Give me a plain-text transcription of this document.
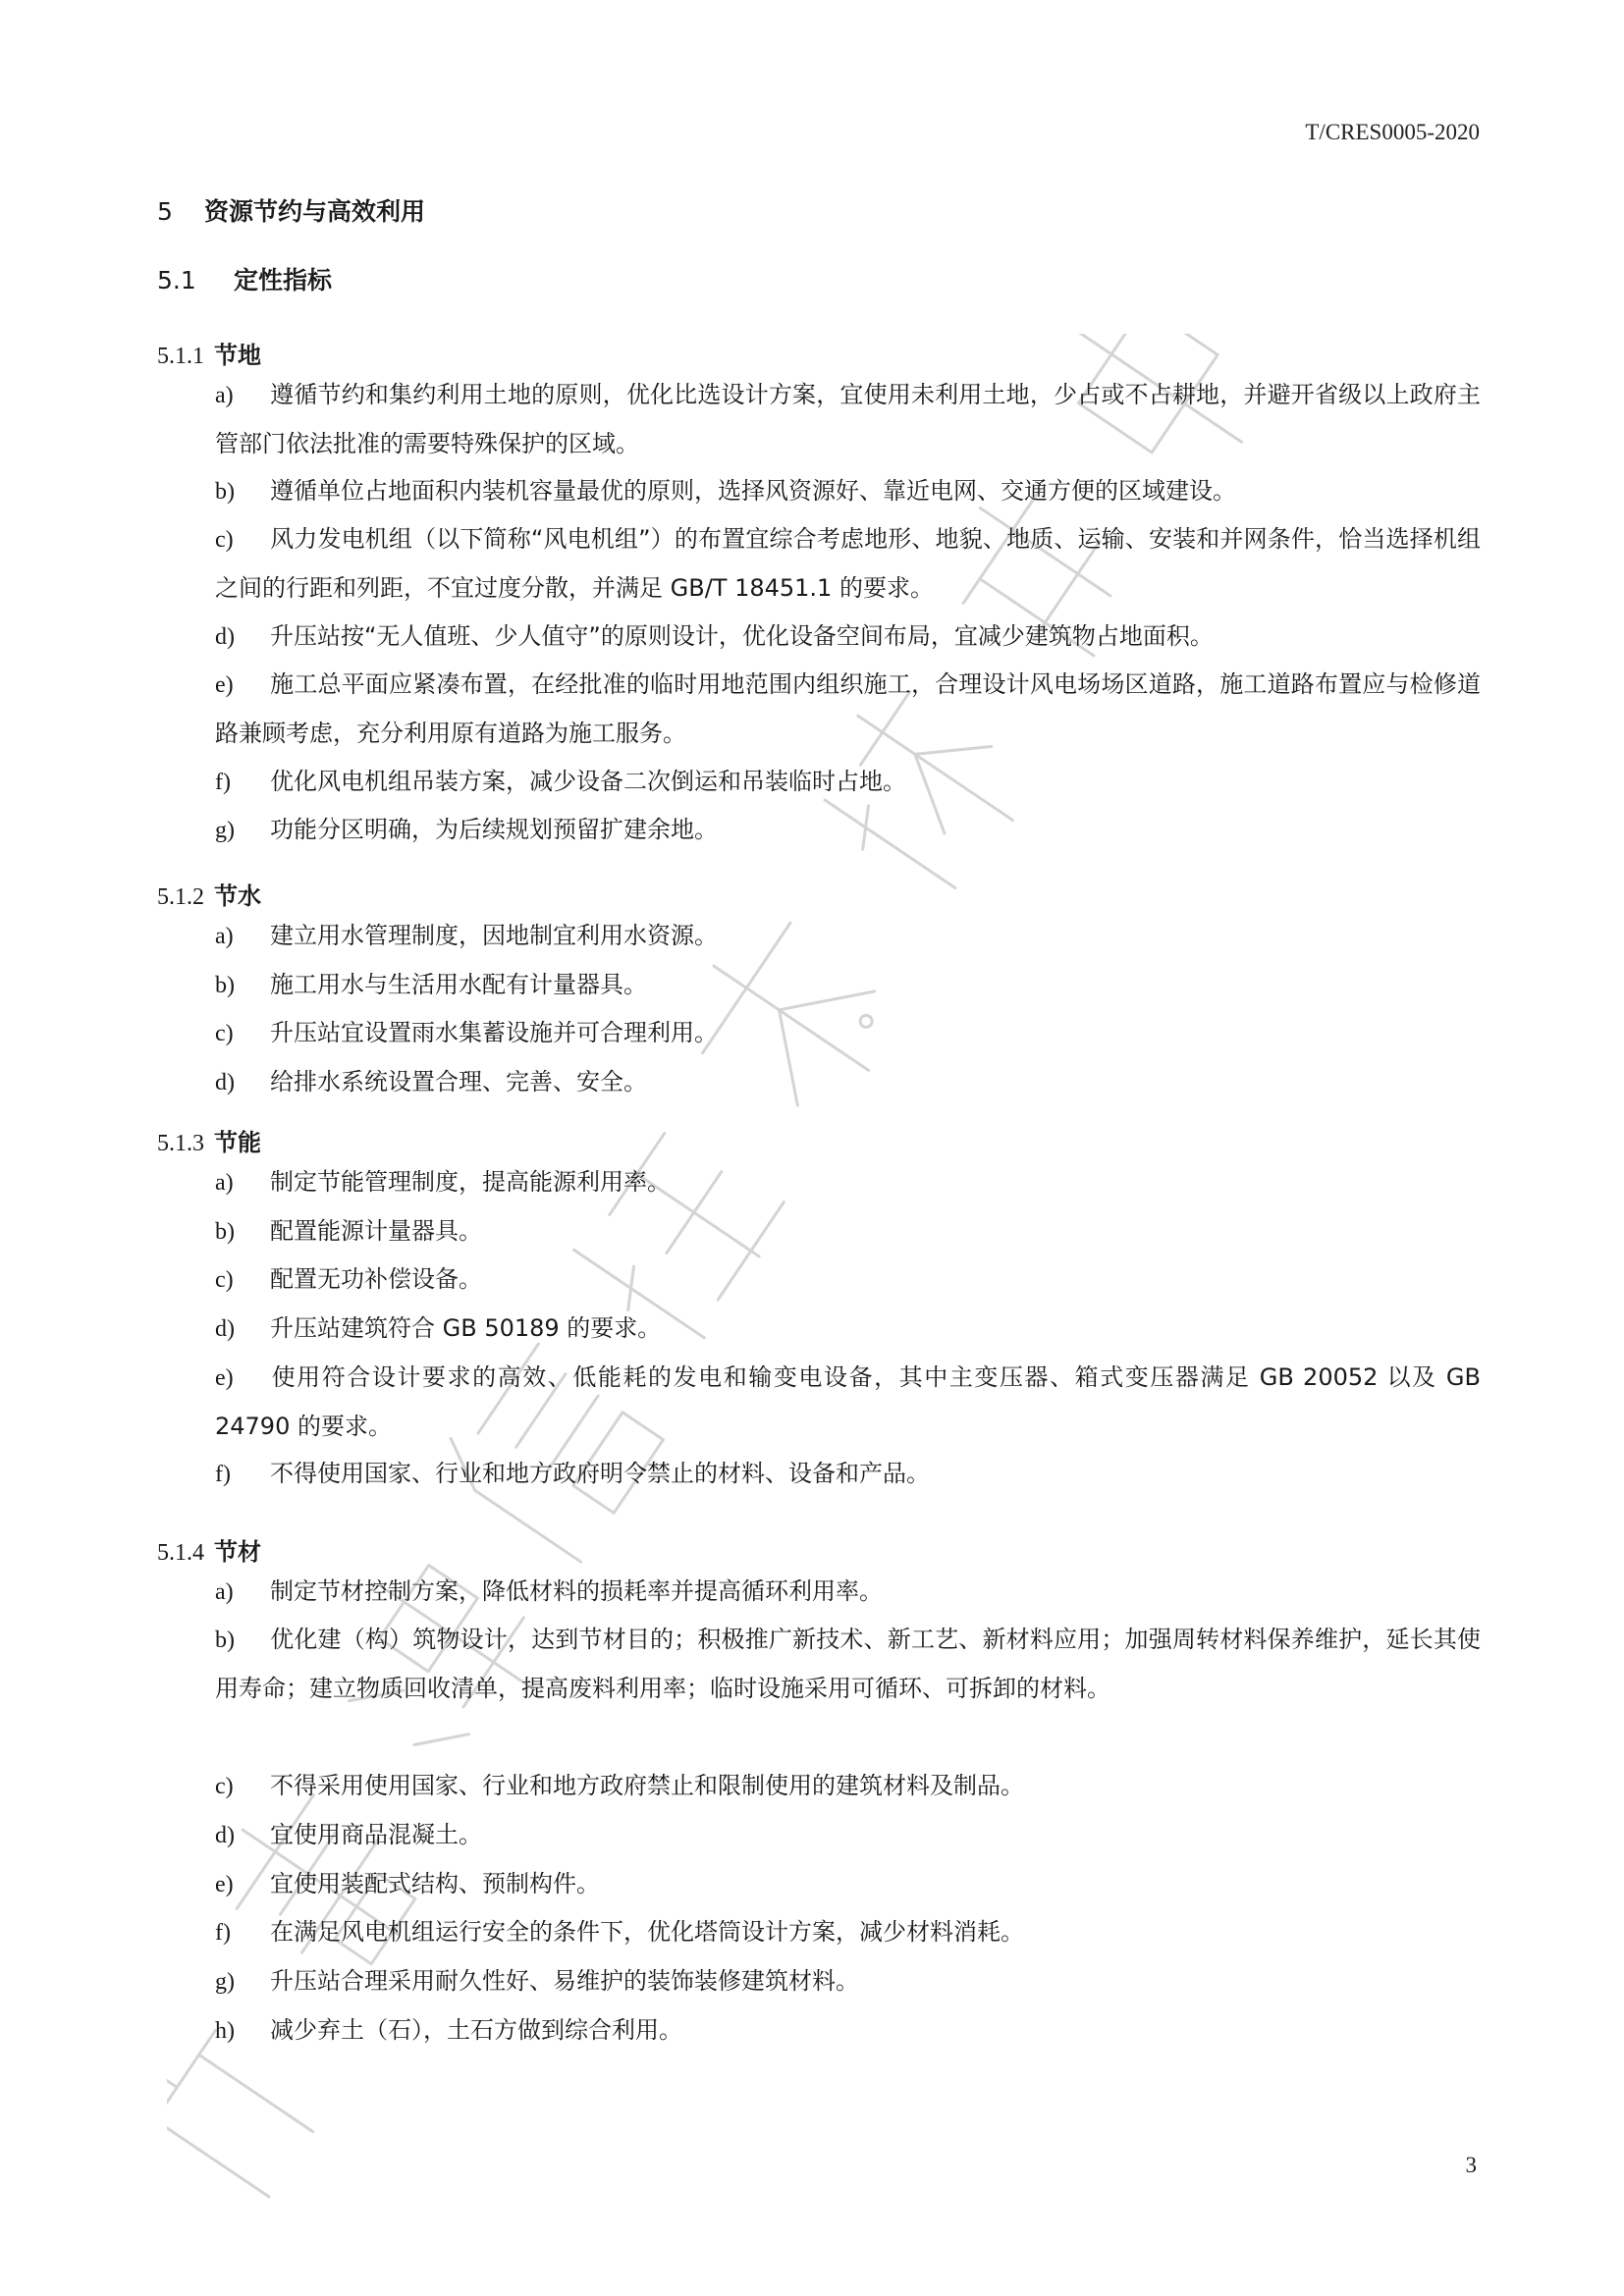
T/CRES0005-2020
5 资源节约与高效利用
5.1 定性指标
5.1.1 节地
a) 遵循节约和集约利用土地的原则，优化比选设计方案，宜使用未利用土地，少占或不占耕地，并避开省级以上政府主管部门依法批准的需要特殊保护的区域。
b) 遵循单位占地面积内装机容量最优的原则，选择风资源好、靠近电网、交通方便的区域建设。
c) 风力发电机组（以下简称“风电机组”）的布置宜综合考虑地形、地貌、地质、运输、安装和并网条件，恰当选择机组之间的行距和列距，不宜过度分散，并满足 GB/T 18451.1 的要求。
d) 升压站按“无人值班、少人值守”的原则设计，优化设备空间布局，宜减少建筑物占地面积。
e) 施工总平面应紧凑布置，在经批准的临时用地范围内组织施工，合理设计风电场场区道路，施工道路布置应与检修道路兼顾考虑，充分利用原有道路为施工服务。
f) 优化风电机组吊装方案，减少设备二次倒运和吊装临时占地。
g) 功能分区明确，为后续规划预留扩建余地。
5.1.2 节水
a) 建立用水管理制度，因地制宜利用水资源。
b) 施工用水与生活用水配有计量器具。
c) 升压站宜设置雨水集蓄设施并可合理利用。
d) 给排水系统设置合理、完善、安全。
5.1.3 节能
a) 制定节能管理制度，提高能源利用率。
b) 配置能源计量器具。
c) 配置无功补偿设备。
d) 升压站建筑符合 GB 50189 的要求。
e) 使用符合设计要求的高效、低能耗的发电和输变电设备，其中主变压器、箱式变压器满足 GB 20052 以及 GB 24790 的要求。
f) 不得使用国家、行业和地方政府明令禁止的材料、设备和产品。
5.1.4 节材
a) 制定节材控制方案，降低材料的损耗率并提高循环利用率。
b) 优化建（构）筑物设计，达到节材目的；积极推广新技术、新工艺、新材料应用；加强周转材料保养维护，延长其使用寿命；建立物质回收清单，提高废料利用率；临时设施采用可循环、可拆卸的材料。
c) 不得采用使用国家、行业和地方政府禁止和限制使用的建筑材料及制品。
d) 宜使用商品混凝土。
e) 宜使用装配式结构、预制构件。
f) 在满足风电机组运行安全的条件下，优化塔筒设计方案，减少材料消耗。
g) 升压站合理采用耐久性好、易维护的装饰装修建筑材料。
h) 减少弃土（石），土石方做到综合利用。
3
